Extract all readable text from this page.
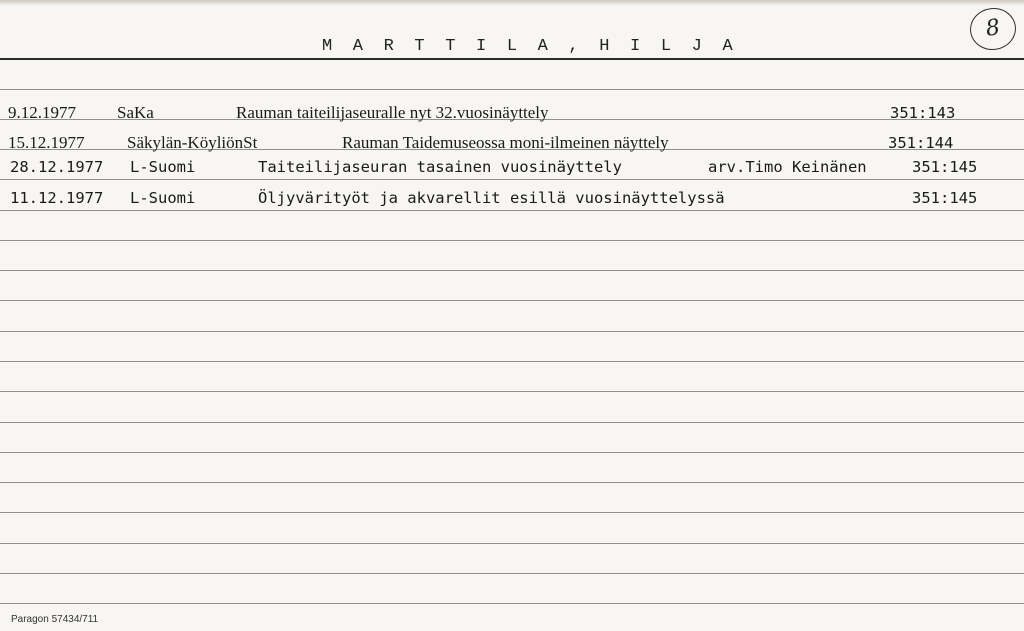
M A R T T I L A , H I L J A
8
9.12.1977 SaKa	Rauman taiteilijaseuralle nyt 32.vuosinäyttely	351:143
15.12.1977	Säkylän-KöyliönSt	Rauman Taidemuseossa moni-ilmeinen näyttely	351:144
28.12.1977 L-Suomi	Taiteilijaseuran tasainen vuosinäyttely	arv.Timo Keinänen	351:145
11.12.1977 L-Suomi	Öljyvärityöt ja akvarellit esillä vuosinäyttelyssä	351:145
Paragon 57434/711
